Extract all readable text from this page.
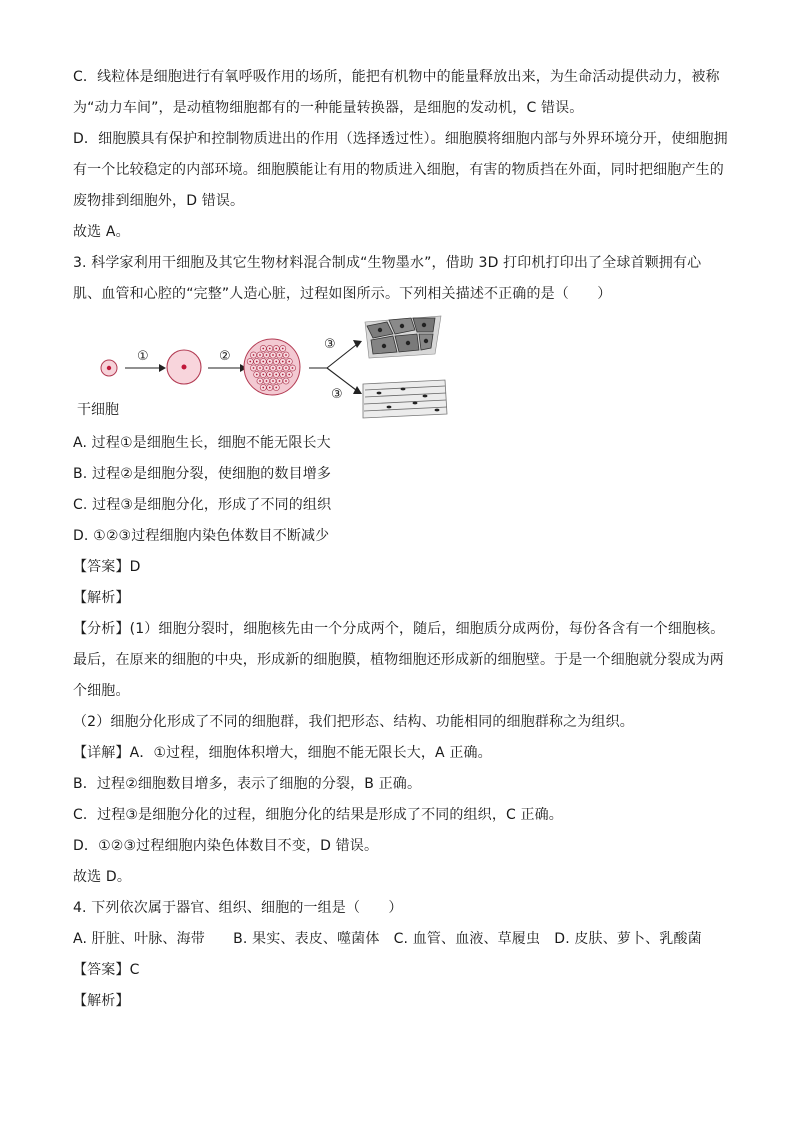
C．线粒体是细胞进行有氧呼吸作用的场所，能把有机物中的能量释放出来，为生命活动提供动力，被称
为“动力车间”，是动植物细胞都有的一种能量转换器，是细胞的发动机，C 错误。
D．细胞膜具有保护和控制物质进出的作用（选择透过性）。细胞膜将细胞内部与外界环境分开，使细胞拥
有一个比较稳定的内部环境。细胞膜能让有用的物质进入细胞，有害的物质挡在外面，同时把细胞产生的
废物排到细胞外，D 错误。
故选 A。
3. 科学家利用干细胞及其它生物材料混合制成“生物墨水”，借助 3D 打印机打印出了全球首颗拥有心
肌、血管和心腔的“完整”人造心脏，过程如图所示。下列相关描述不正确的是（　　）
①	②
③
③
干细胞
A. 过程①是细胞生长，细胞不能无限长大
B. 过程②是细胞分裂，使细胞的数目增多
C. 过程③是细胞分化，形成了不同的组织
D. ①②③过程细胞内染色体数目不断减少
【答案】D
【解析】
【分析】(1）细胞分裂时，细胞核先由一个分成两个，随后，细胞质分成两份，每份各含有一个细胞核。
最后，在原来的细胞的中央，形成新的细胞膜，植物细胞还形成新的细胞壁。于是一个细胞就分裂成为两
个细胞。
（2）细胞分化形成了不同的细胞群，我们把形态、结构、功能相同的细胞群称之为组织。
【详解】A．①过程，细胞体积增大，细胞不能无限长大，A 正确。
B．过程②细胞数目增多，表示了细胞的分裂，B 正确。
C．过程③是细胞分化的过程，细胞分化的结果是形成了不同的组织，C 正确。
D．①②③过程细胞内染色体数目不变，D 错误。
故选 D。
4. 下列依次属于器官、组织、细胞的一组是（　　）
A. 肝脏、叶脉、海带　　B. 果实、表皮、噬菌体　C. 血管、血液、草履虫　D. 皮肤、萝卜、乳酸菌
【答案】C
【解析】
